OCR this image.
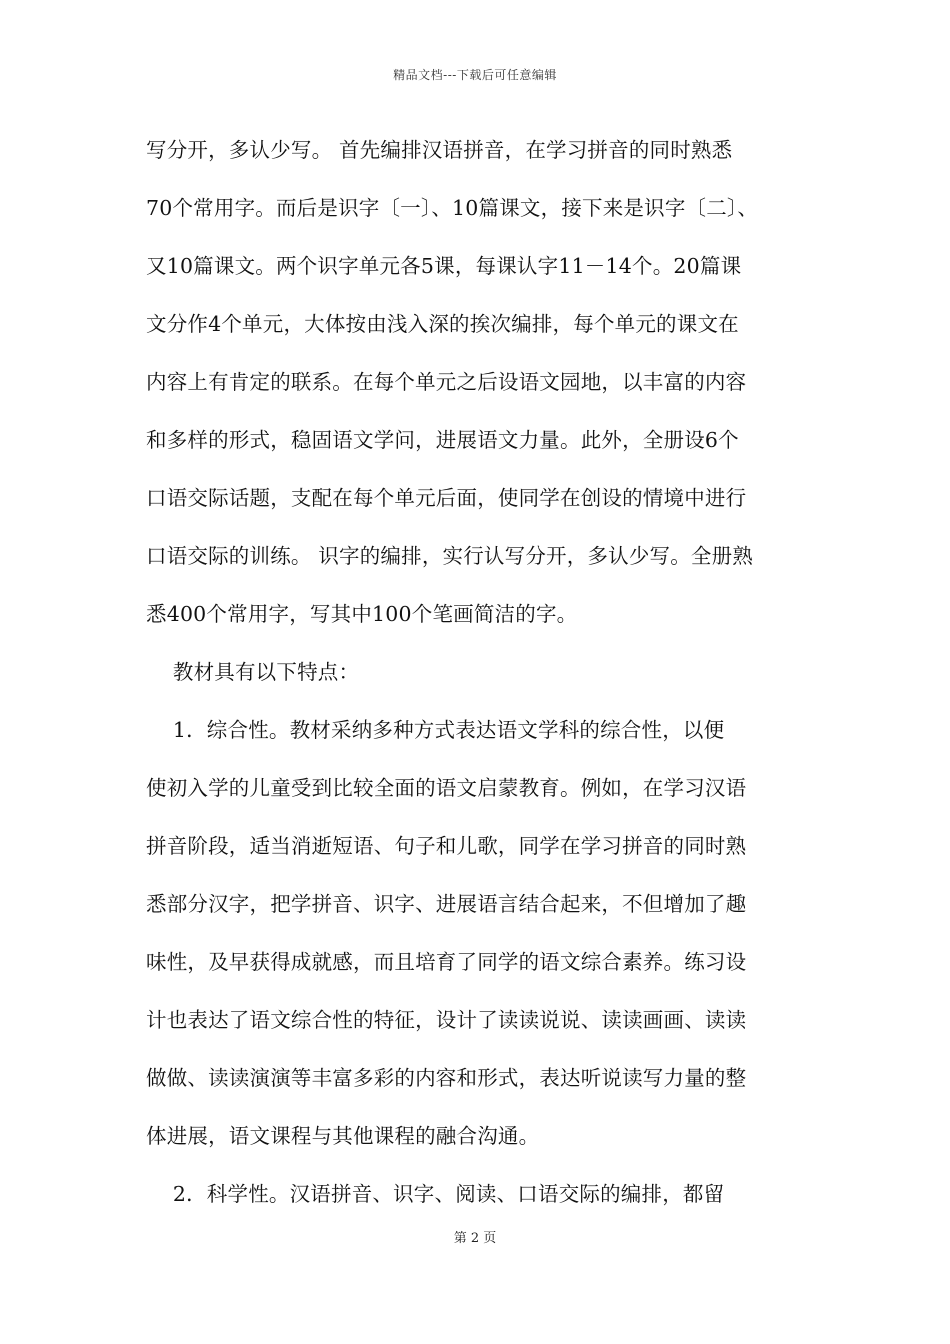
精品文档---下载后可任意编辑
写分开，多认少写。 首先编排汉语拼音，在学习拼音的同时熟悉
70个常用字。而后是识字〔一〕、10篇课文，接下来是识字〔二〕、
又10篇课文。两个识字单元各5课，每课认字11－14个。20篇课
文分作4个单元，大体按由浅入深的挨次编排，每个单元的课文在
内容上有肯定的联系。在每个单元之后设语文园地，以丰富的内容
和多样的形式，稳固语文学问，进展语文力量。此外，全册设6个
口语交际话题，支配在每个单元后面，使同学在创设的情境中进行
口语交际的训练。 识字的编排，实行认写分开，多认少写。全册熟
悉400个常用字，写其中100个笔画简洁的字。
教材具有以下特点：
1．综合性。教材采纳多种方式表达语文学科的综合性，以便
使初入学的儿童受到比较全面的语文启蒙教育。例如，在学习汉语
拼音阶段，适当消逝短语、句子和儿歌，同学在学习拼音的同时熟
悉部分汉字，把学拼音、识字、进展语言结合起来，不但增加了趣
味性，及早获得成就感，而且培育了同学的语文综合素养。练习设
计也表达了语文综合性的特征，设计了读读说说、读读画画、读读
做做、读读演演等丰富多彩的内容和形式，表达听说读写力量的整
体进展，语文课程与其他课程的融合沟通。
2．科学性。汉语拼音、识字、阅读、口语交际的编排，都留
第 2 页
